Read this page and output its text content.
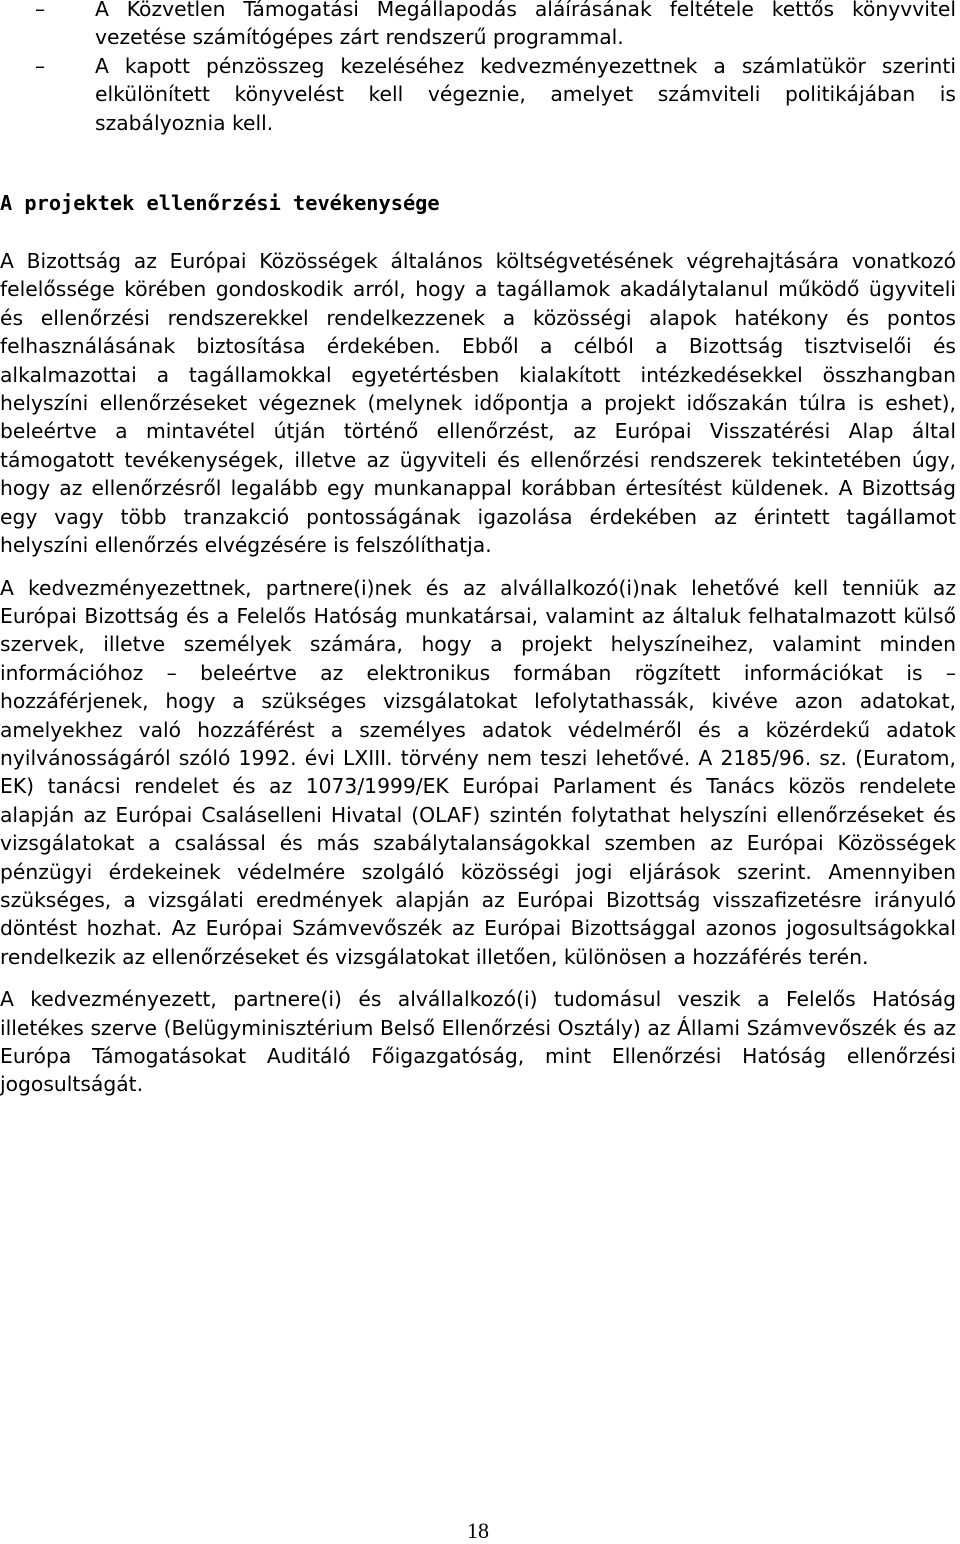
– A Közvetlen Támogatási Megállapodás aláírásának feltétele kettős könyvvitel vezetése számítógépes zárt rendszerű programmal.
– A kapott pénzösszeg kezeléséhez kedvezményezettnek a számlatükör szerinti elkülönített könyvelést kell végeznie, amelyet számviteli politikájában is szabályoznia kell.
A projektek ellenőrzési tevékenysége

A Bizottság az Európai Közösségek általános költségvetésének végrehajtására vonatkozó felelőssége körében gondoskodik arról, hogy a tagállamok akadálytalanul működő ügyviteli és ellenőrzési rendszerekkel rendelkezzenek a közösségi alapok hatékony és pontos felhasználásának biztosítása érdekében. Ebből a célból a Bizottság tisztviselői és alkalmazottai a tagállamokkal egyetértésben kialakított intézkedésekkel összhangban helyszíni ellenőrzéseket végeznek (melynek időpontja a projekt időszakán túlra is eshet), beleértve a mintavétel útján történő ellenőrzést, az Európai Visszatérési Alap által támogatott tevékenységek, illetve az ügyviteli és ellenőrzési rendszerek tekintetében úgy, hogy az ellenőrzésről legalább egy munkanappal korábban értesítést küldenek. A Bizottság egy vagy több tranzakció pontosságának igazolása érdekében az érintett tagállamot helyszíni ellenőrzés elvégzésére is felszólíthatja.

A kedvezményezettnek, partnere(i)nek és az alvállalkozó(i)nak lehetővé kell tenniük az Európai Bizottság és a Felelős Hatóság munkatársai, valamint az általuk felhatalmazott külső szervek, illetve személyek számára, hogy a projekt helyszíneihez, valamint minden információhoz – beleértve az elektronikus formában rögzített információkat is – hozzáférjenek, hogy a szükséges vizsgálatokat lefolytathassák, kivéve azon adatokat, amelyekhez való hozzáférést a személyes adatok védelméről és a közérdekű adatok nyilvánosságáról szóló 1992. évi LXIII. törvény nem teszi lehetővé. A 2185/96. sz. (Euratom, EK) tanácsi rendelet és az 1073/1999/EK Európai Parlament és Tanács közös rendelete alapján az Európai Csalásellenі Hivatal (OLAF) szintén folytathat helyszíni ellenőrzéseket és vizsgálatokat a csalással és más szabálytalanságokkal szemben az Európai Közösségek pénzügyi érdekeinek védelmére szolgáló közösségi jogi eljárások szerint. Amennyiben szükséges, a vizsgálati eredmények alapján az Európai Bizottság visszafizetésre irányuló döntést hozhat. Az Európai Számvevőszék az Európai Bizottsággal azonos jogosultságokkal rendelkezik az ellenőrzéseket és vizsgálatokat illetően, különösen a hozzáférés terén.

A kedvezményezett, partnere(i) és alvállalkozó(i) tudomásul veszik a Felelős Hatóság illetékes szerve (Belügyminisztérium Belső Ellenőrzési Osztály) az Állami Számvevőszék és az Európa Támogatásokat Auditáló Főigazgatóság, mint Ellenőrzési Hatóság ellenőrzési jogosultságát.

18
